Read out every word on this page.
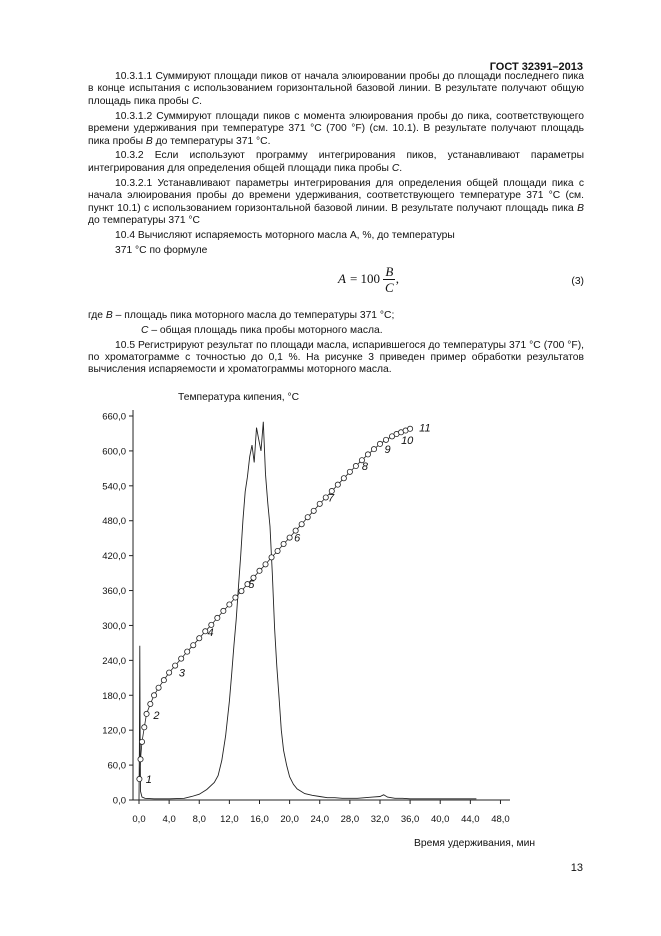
ГОСТ 32391–2013

10.3.1.1 Суммируют площади пиков от начала элюировании пробы до площади последнего пика в конце испытания с использованием горизонтальной базовой линии. В результате получают общую площадь пика пробы C.

10.3.1.2 Суммируют площади пиков с момента элюирования пробы до пика, соответствующего времени удерживания при температуре 371 °С (700 °F) (см. 10.1). В результате получают площадь пика пробы B до температуры 371 °С.

10.3.2 Если используют программу интегрирования пиков, устанавливают параметры интегрирования для определения общей площади пика пробы C.

10.3.2.1 Устанавливают параметры интегрирования для определения общей площади пика с начала элюирования пробы до времени удерживания, соответствующего температуре 371 °С (см. пункт 10.1) с использованием горизонтальной базовой линии. В результате получают площадь пика B до температуры 371 °С

10.4 Вычисляют испаряемость моторного масла А, %, до температуры

371 °С по формуле

$A = 100 \frac{B}{C}$ ,	(3)

где B – площадь пика моторного масла до температуры 371 °С;

C – общая площадь пика пробы моторного масла.

10.5 Регистрируют результат по площади масла, испарившегося до температуры 371 °С (700 °F), по хроматограмме с точностью до 0,1 %. На рисунке 3 приведен пример обработки результатов вычисления испаряемости и хроматограммы моторного масла.

Температура кипения, °С
Время удерживания, мин
0,0
60,0
120,0
180,0
240,0
300,0
360,0
420,0
480,0
540,0
600,0
660,0
0,0 4,0 8,0 12,0 16,0 20,0 24,0 28,0 32,0 36,0 40,0 44,0 48,0
1
2
3
4
5
6
7
8
9
10
11
13
